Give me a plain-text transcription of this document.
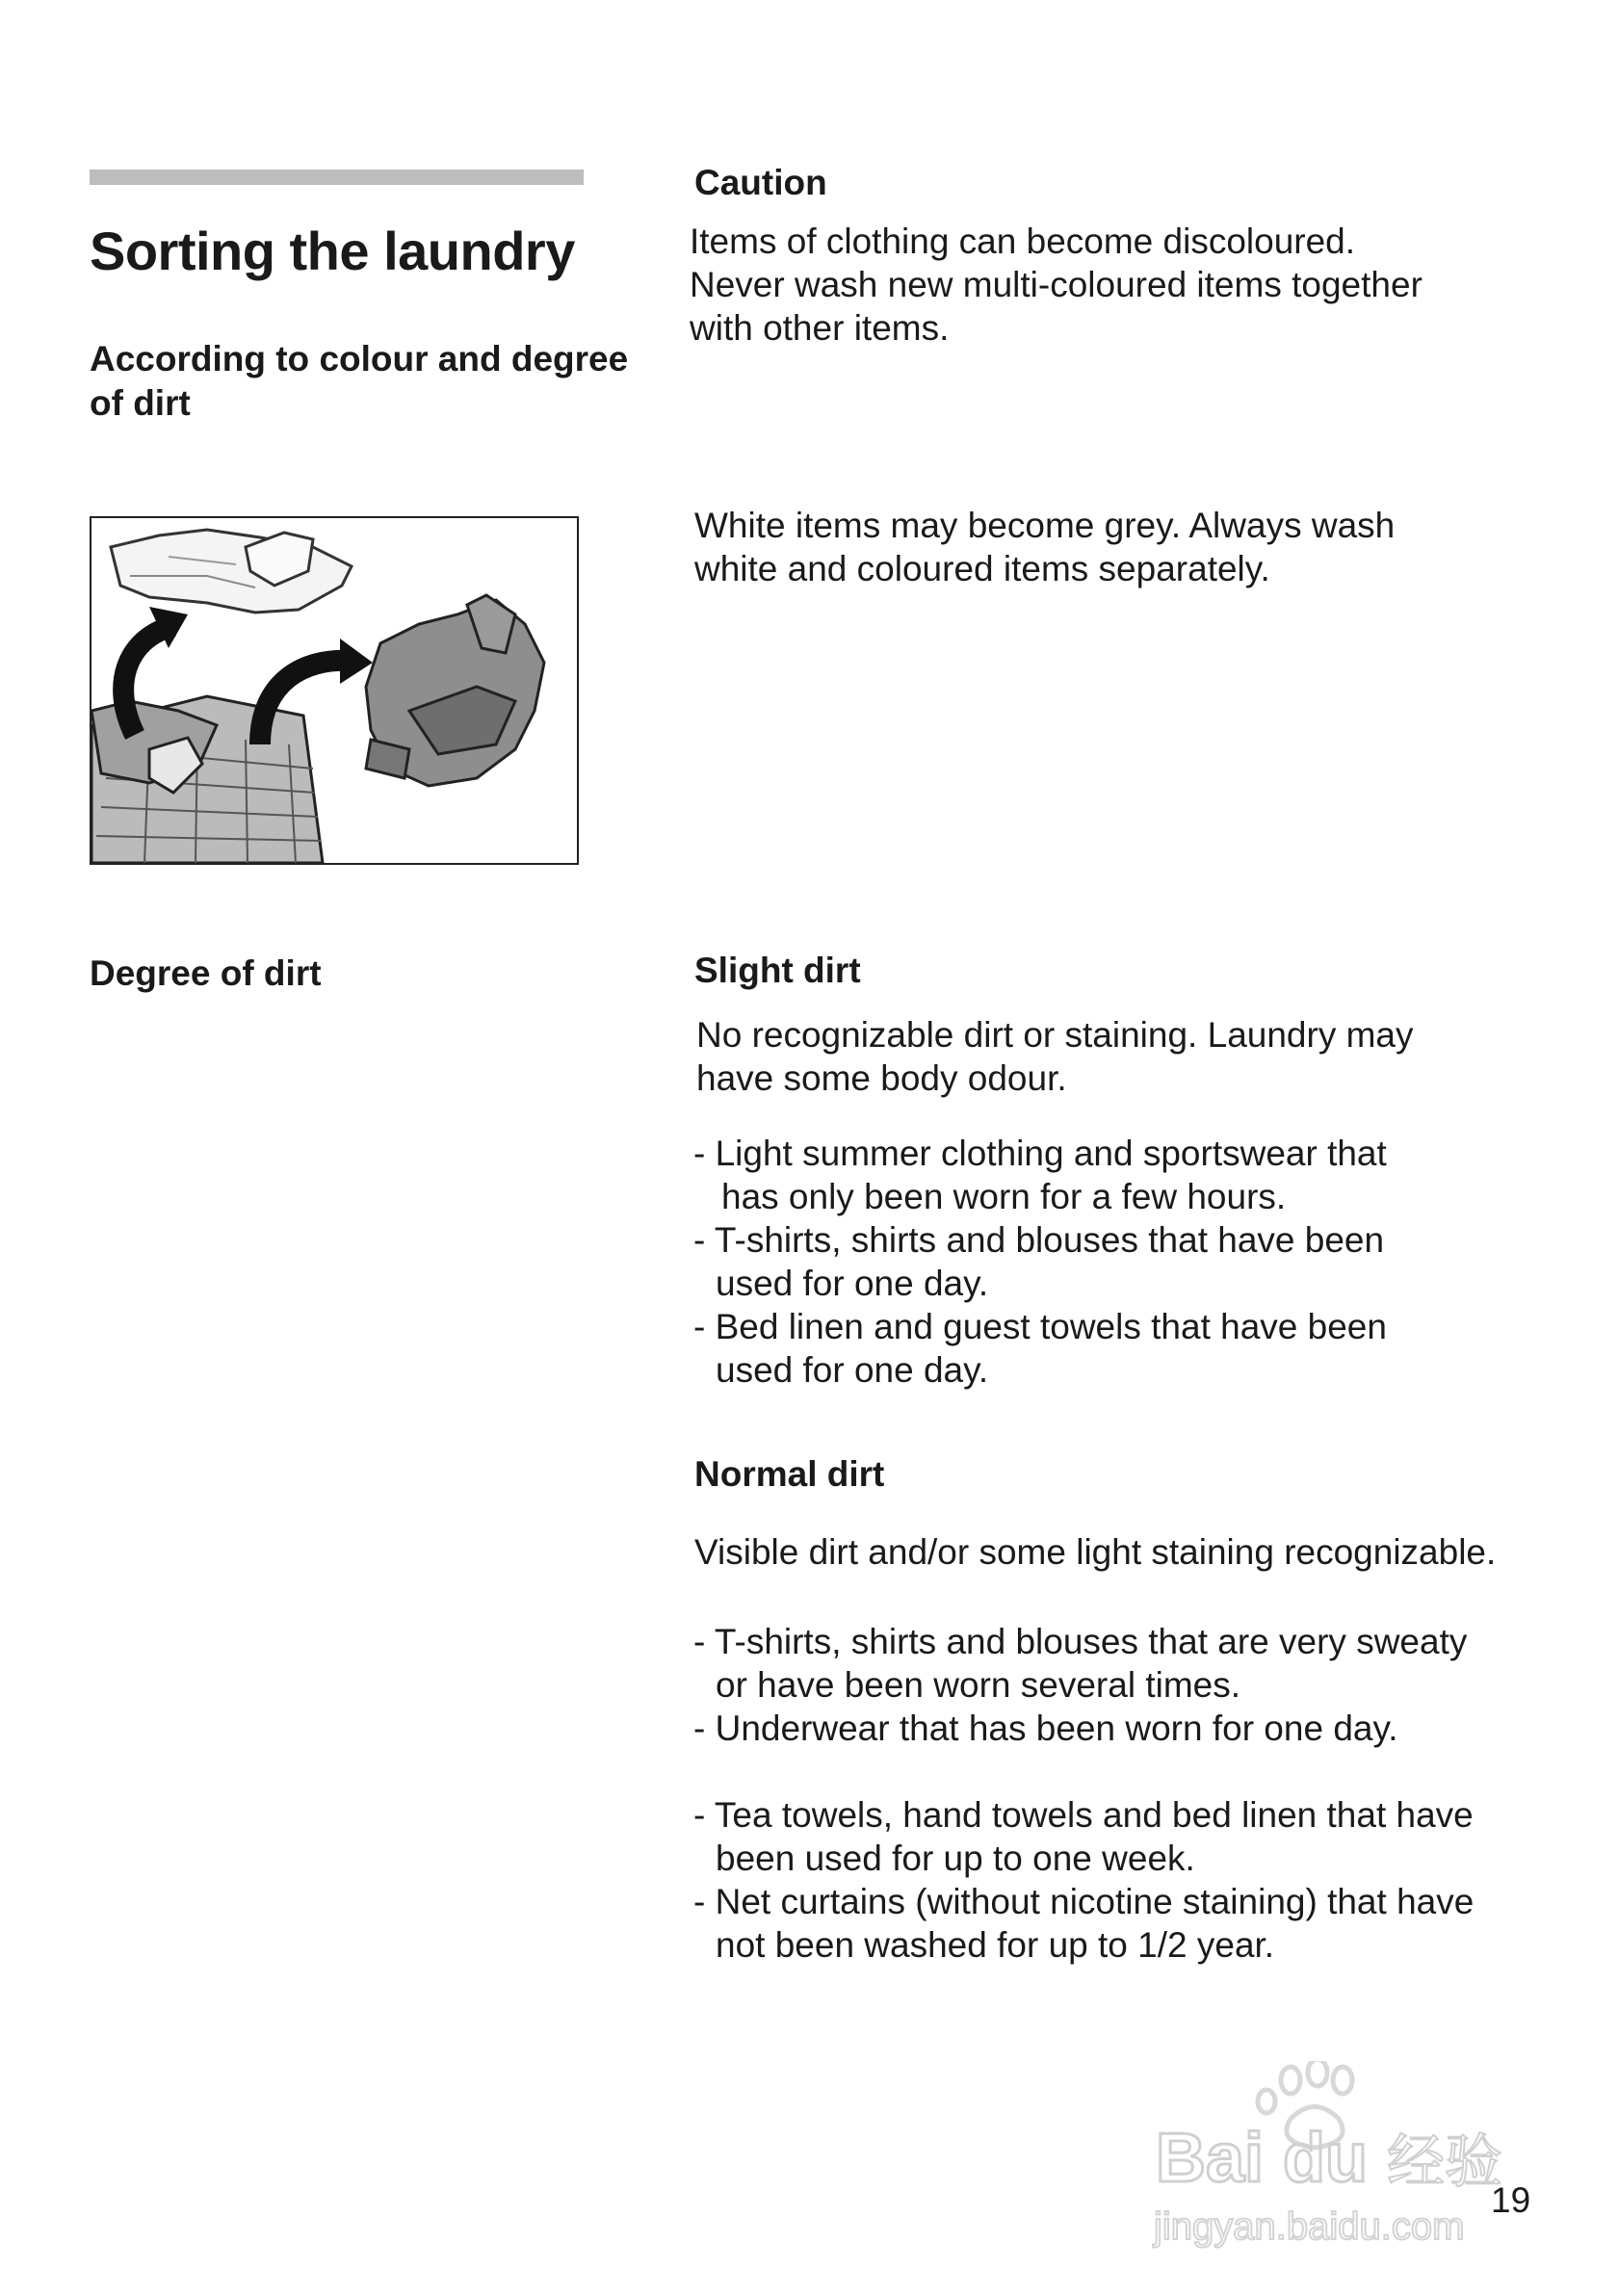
Sorting the laundry
According to colour and degree of dirt
Degree of dirt
Caution

Items of clothing can become discoloured.

Never wash new multi-coloured items together

with other items.

White items may become grey. Always wash

white and coloured items separately.

Slight dirt

No recognizable dirt or staining. Laundry may

have some body odour.

- Light summer clothing and sportswear that
has only been worn for a few hours.
- T-shirts, shirts and blouses that have been
used for one day.
- Bed linen and guest towels that have been
used for one day.
Normal dirt

Visible dirt and/or some light staining recognizable.

- T-shirts, shirts and blouses that are very sweaty
or have been worn several times.
- Underwear that has been worn for one day.
- Tea towels, hand towels and bed linen that have
been used for up to one week.
- Net curtains (without nicotine staining) that have
not been washed for up to 1/2 year.
Bai du 经验
jingyan.baidu.com
19
